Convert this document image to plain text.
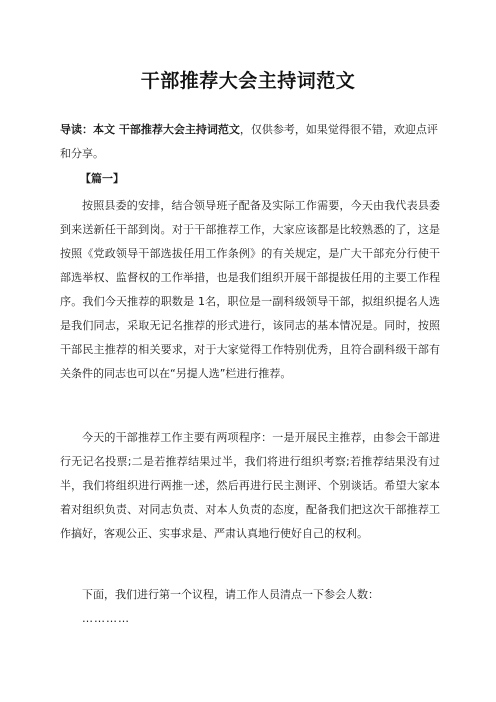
干部推荐大会主持词范文
导读：本文 干部推荐大会主持词范文，仅供参考，如果觉得很不错，欢迎点评和分享。
【篇一】
按照县委的安排，结合领导班子配备及实际工作需要，今天由我代表县委到来送新任干部到岗。对于干部推荐工作，大家应该都是比较熟悉的了，这是按照《党政领导干部选拔任用工作条例》的有关规定，是广大干部充分行使干部选举权、监督权的工作举措，也是我们组织开展干部提拔任用的主要工作程序。我们今天推荐的职数是 1名，职位是一副科级领导干部，拟组织提名人选是我们同志，采取无记名推荐的形式进行，该同志的基本情况是。同时，按照干部民主推荐的相关要求，对于大家觉得工作特别优秀，且符合副科级干部有关条件的同志也可以在“另提人选”栏进行推荐。
今天的干部推荐工作主要有两项程序：一是开展民主推荐，由参会干部进行无记名投票;二是若推荐结果过半，我们将进行组织考察;若推荐结果没有过半，我们将组织进行两推一述，然后再进行民主测评、个别谈话。希望大家本着对组织负责、对同志负责、对本人负责的态度，配备我们把这次干部推荐工作搞好，客观公正、实事求是、严肃认真地行使好自己的权利。
下面，我们进行第一个议程，请工作人员清点一下参会人数：
…………
